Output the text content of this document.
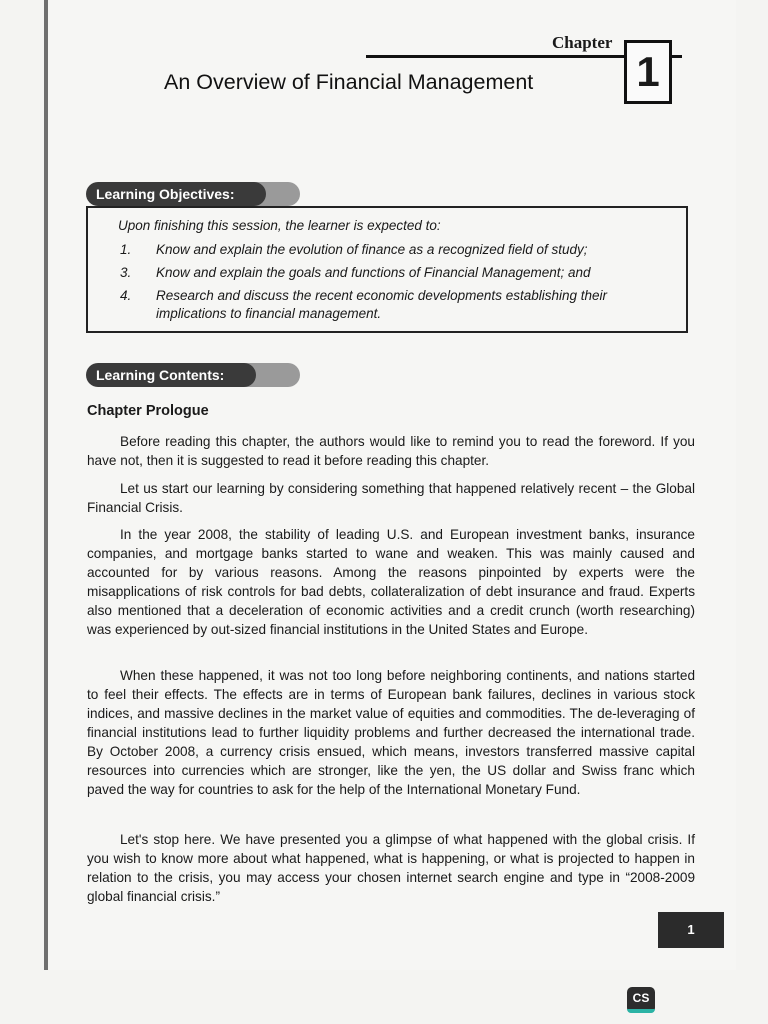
Chapter
1
An Overview of Financial Management
Learning Objectives:
Upon finishing this session, the learner is expected to:
1. Know and explain the evolution of finance as a recognized field of study;
3. Know and explain the goals and functions of Financial Management; and
4. Research and discuss the recent economic developments establishing their
implications to financial management.
Learning Contents:
Chapter Prologue

Before reading this chapter, the authors would like to remind you to read the foreword. If you have not, then it is suggested to read it before reading this chapter.

Let us start our learning by considering something that happened relatively recent – the Global Financial Crisis.

In the year 2008, the stability of leading U.S. and European investment banks, insurance companies, and mortgage banks started to wane and weaken. This was mainly caused and accounted for by various reasons. Among the reasons pinpointed by experts were the misapplications of risk controls for bad debts, collateralization of debt insurance and fraud. Experts also mentioned that a deceleration of economic activities and a credit crunch (worth researching) was experienced by out-sized financial institutions in the United States and Europe.

When these happened, it was not too long before neighboring continents, and nations started to feel their effects. The effects are in terms of European bank failures, declines in various stock indices, and massive declines in the market value of equities and commodities. The de-leveraging of financial institutions lead to further liquidity problems and further decreased the international trade. By October 2008, a currency crisis ensued, which means, investors transferred massive capital resources into currencies which are stronger, like the yen, the US dollar and Swiss franc which paved the way for countries to ask for the help of the International Monetary Fund.

Let's stop here. We have presented you a glimpse of what happened with the global crisis. If you wish to know more about what happened, what is happening, or what is projected to happen in relation to the crisis, you may access your chosen internet search engine and type in “2008-2009 global financial crisis.”

1
CS
